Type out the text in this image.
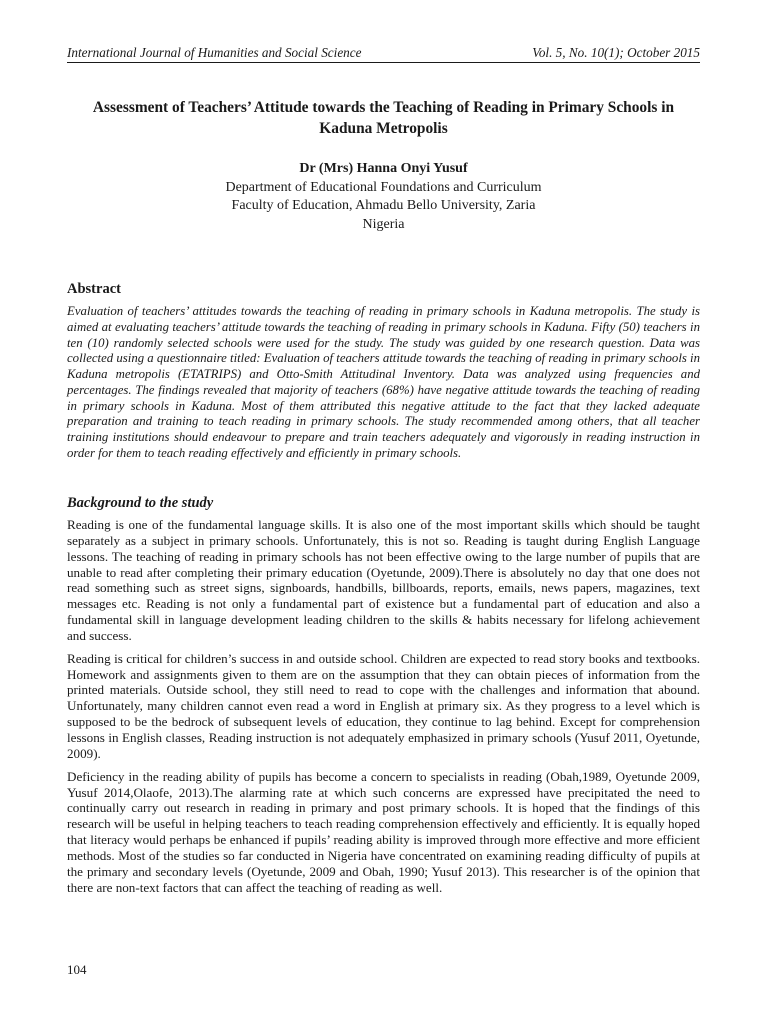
International Journal of Humanities and Social Science	Vol. 5, No. 10(1); October 2015
Assessment of Teachers’ Attitude towards the Teaching of Reading in Primary Schools in Kaduna Metropolis
Dr (Mrs) Hanna Onyi Yusuf
Department of Educational Foundations and Curriculum
Faculty of Education, Ahmadu Bello University, Zaria
Nigeria
Abstract

Evaluation of teachers’ attitudes towards the teaching of reading in primary schools in Kaduna metropolis. The study is aimed at evaluating teachers’ attitude towards the teaching of reading in primary schools in Kaduna. Fifty (50) teachers in ten (10) randomly selected schools were used for the study. The study was guided by one research question. Data was collected using a questionnaire titled: Evaluation of teachers attitude towards the teaching of reading in primary schools in Kaduna metropolis (ETATRIPS) and Otto-Smith Attitudinal Inventory. Data was analyzed using frequencies and percentages. The findings revealed that majority of teachers (68%) have negative attitude towards the teaching of reading in primary schools in Kaduna. Most of them attributed this negative attitude to the fact that they lacked adequate preparation and training to teach reading in primary schools. The study recommended among others, that all teacher training institutions should endeavour to prepare and train teachers adequately and vigorously in reading instruction in order for them to teach reading effectively and efficiently in primary schools.

Background to the study

Reading is one of the fundamental language skills. It is also one of the most important skills which should be taught separately as a subject in primary schools. Unfortunately, this is not so. Reading is taught during English Language lessons. The teaching of reading in primary schools has not been effective owing to the large number of pupils that are unable to read after completing their primary education (Oyetunde, 2009).There is absolutely no day that one does not read something such as street signs, signboards, handbills, billboards, reports, emails, news papers, magazines, text messages etc. Reading is not only a fundamental part of existence but a fundamental part of education and also a fundamental skill in language development leading children to the skills & habits necessary for lifelong achievement and success.

Reading is critical for children’s success in and outside school. Children are expected to read story books and textbooks. Homework and assignments given to them are on the assumption that they can obtain pieces of information from the printed materials. Outside school, they still need to read to cope with the challenges and information that abound. Unfortunately, many children cannot even read a word in English at primary six. As they progress to a level which is supposed to be the bedrock of subsequent levels of education, they continue to lag behind. Except for comprehension lessons in English classes, Reading instruction is not adequately emphasized in primary schools (Yusuf 2011, Oyetunde, 2009).

Deficiency in the reading ability of pupils has become a concern to specialists in reading (Obah,1989, Oyetunde 2009, Yusuf 2014,Olaofe, 2013).The alarming rate at which such concerns are expressed have precipitated the need to continually carry out research in reading in primary and post primary schools. It is hoped that the findings of this research will be useful in helping teachers to teach reading comprehension effectively and efficiently. It is equally hoped that literacy would perhaps be enhanced if pupils’ reading ability is improved through more effective and more efficient methods. Most of the studies so far conducted in Nigeria have concentrated on examining reading difficulty of pupils at the primary and secondary levels (Oyetunde, 2009 and Obah, 1990; Yusuf 2013). This researcher is of the opinion that there are non-text factors that can affect the teaching of reading as well.

104
